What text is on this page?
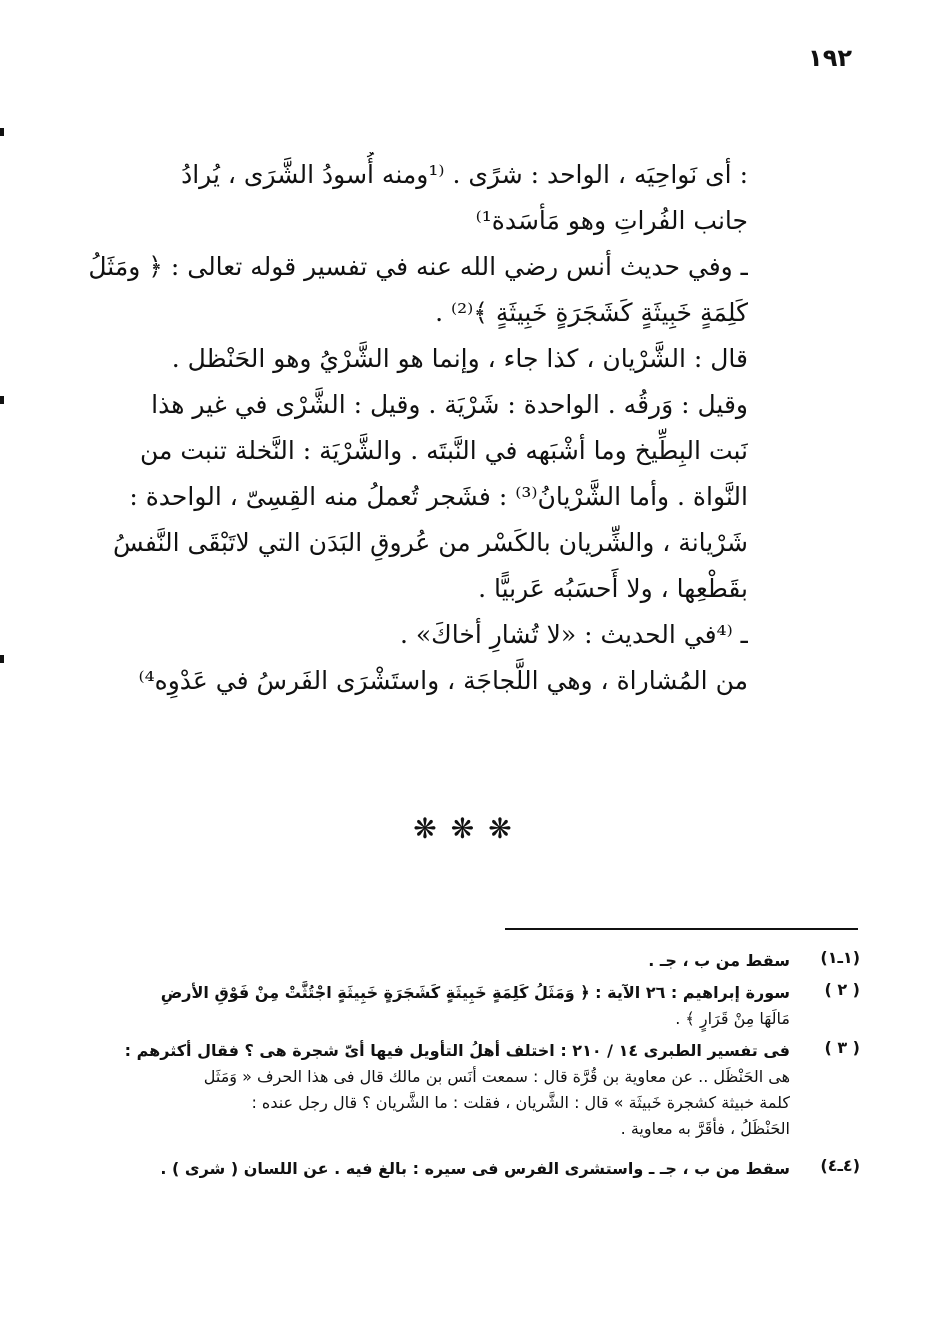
١٩٢
: أى نَواحِيَه ، الواحد : شرًى . ⁽¹ومنه أُسودُ الشَّرَى ، يُرادُ
جانب الفُراتِ وهو مَأسَدة¹⁾
ـ وفي حديث أنس رضي الله عنه في تفسير قوله تعالى : ﴿ ومَثَلُ
كَلِمَةٍ خَبِيثَةٍ كَشَجَرَةٍ خَبِيثَةٍ ﴾⁽²⁾ .
قال : الشَّرْيان ، كذا جاء ، وإنما هو الشَّرْيُ وهو الحَنْظل .
وقيل : وَرقُه . الواحدة : شَرْيَة . وقيل : الشَّرْى في غير هذا
نَبت البِطِّيخ وما أشْبَهه في النَّبتَه . والشَّرْيَة : النَّخلة تنبت من
النَّواة . وأما الشَّرْيانُ⁽³⁾ : فشَجر تُعملُ منه القِسِىّ ، الواحدة :
شَرْيانة ، والشِّريان بالكَسْر من عُروقِ البَدَن التي لاتَبْقَى النَّفسُ
بقَطْعِها ، ولا أَحسَبُه عَربيًّا .
ـ ⁽⁴في الحديث : «لا تُشارِ أخاكَ» .
من المُشاراة ، وهي اللَّجاجَة ، واستَشْرَى الفَرسُ في عَدْوِه⁴⁾
❋❋❋
(١ـ١)
سقط من ب ، جـ .
( ٢ )
سورة إبراهيم : ٢٦ الآية : ﴿ وَمَثَلُ كَلِمَةٍ خَبِيثَةٍ كَشَجَرَةٍ خَبِيثَةٍ اجْتُثَّتْ مِنْ فَوْقِ الأرضِ
مَالَهَا مِنْ قَرَارٍ ﴾ .
( ٣ )
فى تفسير الطبرى ١٤ / ٢١٠ : اختلف أهلُ التأويل فيها أىّ شجرة هى ؟ فقال أكثرهم :
هى الحَنْظَل .. عن معاوية بن قُرَّة قال : سمعت أنَس بن مالك قال فى هذا الحرف « وَمَثَل
كلمة خبيثة كشجرة خَبيثَة » قال : الشَّريان ، فقلت : ما الشَّريان ؟ قال رجل عنده :
الحَنْظَلُ ، فأقَرَّ به معاوية .
(٤ـ٤)
سقط من ب ، جـ ـ واستشرى الفرس فى سيره : بالغ فيه . عن اللسان ( شرى ) .
